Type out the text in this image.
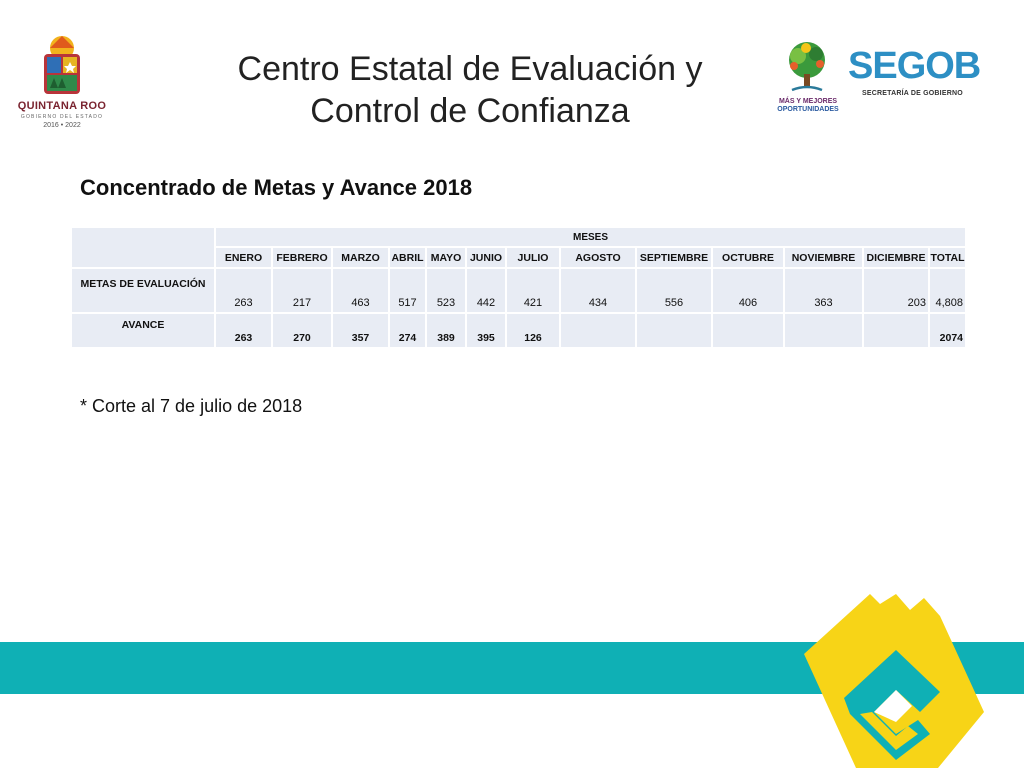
QUINTANA ROO
GOBIERNO DEL ESTADO
2016 • 2022
Centro Estatal de Evaluación y
Control de Confianza	MÁS Y MEJORES
OPORTUNIDADES
SEGOB
SECRETARÍA DE GOBIERNO
Concentrado de Metas y Avance 2018
	MESES												
	ENERO	FEBRERO	MARZO	ABRIL	MAYO	JUNIO	JULIO	AGOSTO	SEPTIEMBRE	OCTUBRE	NOVIEMBRE	DICIEMBRE	TOTAL
METAS DE EVALUACIÓN	263	217	463	517	523	442	421	434	556	406	363	203	4,808
AVANCE	263	270	357	274	389	395	126						2074
* Corte al 7 de julio de 2018
